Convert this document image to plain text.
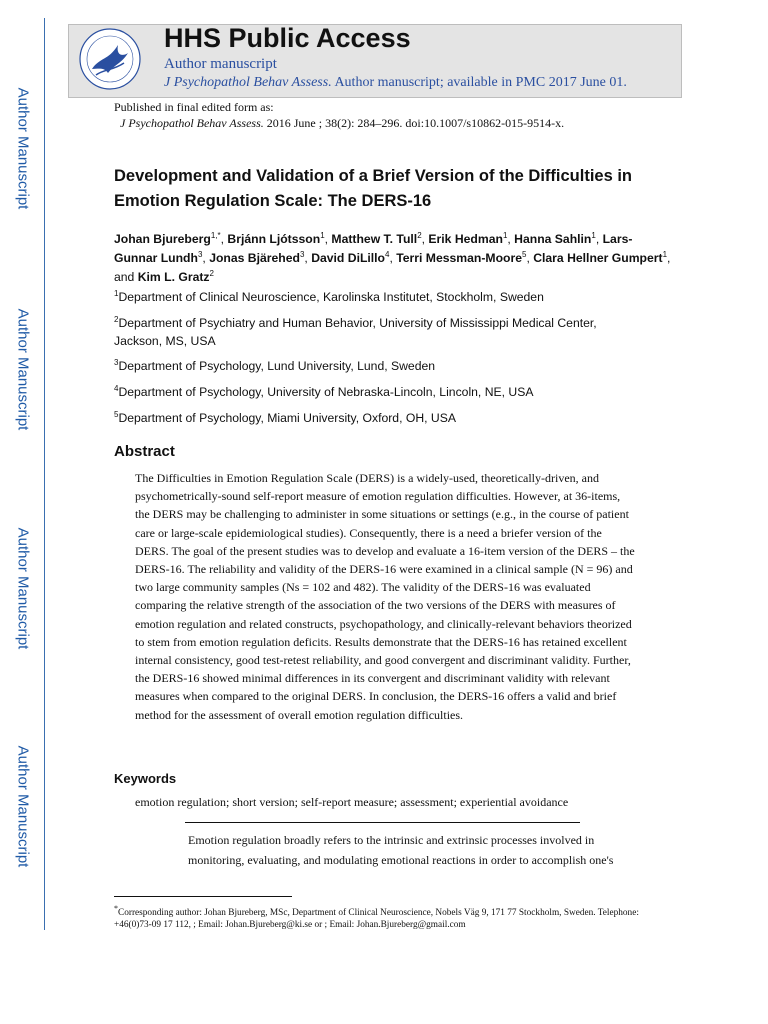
Author Manuscript
Author Manuscript
Author Manuscript
Author Manuscript
HHS Public Access
Author manuscript
J Psychopathol Behav Assess. Author manuscript; available in PMC 2017 June 01.
Published in final edited form as:
J Psychopathol Behav Assess. 2016 June ; 38(2): 284–296. doi:10.1007/s10862-015-9514-x.
Development and Validation of a Brief Version of the Difficulties in Emotion Regulation Scale: The DERS-16
Johan Bjureberg$^{1,*}$, Brjánn Ljótsson$^1$, Matthew T. Tull$^2$, Erik Hedman$^1$, Hanna Sahlin$^1$, Lars-Gunnar Lundh$^3$, Jonas Bjärehed$^3$, David DiLillo$^4$, Terri Messman-Moore$^5$, Clara Hellner Gumpert$^1$, and Kim L. Gratz$^2$
$^1$Department of Clinical Neuroscience, Karolinska Institutet, Stockholm, Sweden
$^2$Department of Psychiatry and Human Behavior, University of Mississippi Medical Center, Jackson, MS, USA
$^3$Department of Psychology, Lund University, Lund, Sweden
$^4$Department of Psychology, University of Nebraska-Lincoln, Lincoln, NE, USA
$^5$Department of Psychology, Miami University, Oxford, OH, USA
Abstract
The Difficulties in Emotion Regulation Scale (DERS) is a widely-used, theoretically-driven, and psychometrically-sound self-report measure of emotion regulation difficulties. However, at 36-items, the DERS may be challenging to administer in some situations or settings (e.g., in the course of patient care or large-scale epidemiological studies). Consequently, there is a need a briefer version of the DERS. The goal of the present studies was to develop and evaluate a 16-item version of the DERS – the DERS-16. The reliability and validity of the DERS-16 were examined in a clinical sample (N = 96) and two large community samples (Ns = 102 and 482). The validity of the DERS-16 was evaluated comparing the relative strength of the association of the two versions of the DERS with measures of emotion regulation and related constructs, psychopathology, and clinically-relevant behaviors theorized to stem from emotion regulation deficits. Results demonstrate that the DERS-16 has retained excellent internal consistency, good test-retest reliability, and good convergent and discriminant validity. Further, the DERS-16 showed minimal differences in its convergent and discriminant validity with relevant measures when compared to the original DERS. In conclusion, the DERS-16 offers a valid and brief method for the assessment of overall emotion regulation difficulties.
Keywords
emotion regulation; short version; self-report measure; assessment; experiential avoidance
Emotion regulation broadly refers to the intrinsic and extrinsic processes involved in monitoring, evaluating, and modulating emotional reactions in order to accomplish one's
*Corresponding author: Johan Bjureberg, MSc, Department of Clinical Neuroscience, Nobels Väg 9, 171 77 Stockholm, Sweden. Telephone: +46(0)73-09 17 112, ; Email: Johan.Bjureberg@ki.se or ; Email: Johan.Bjureberg@gmail.com
